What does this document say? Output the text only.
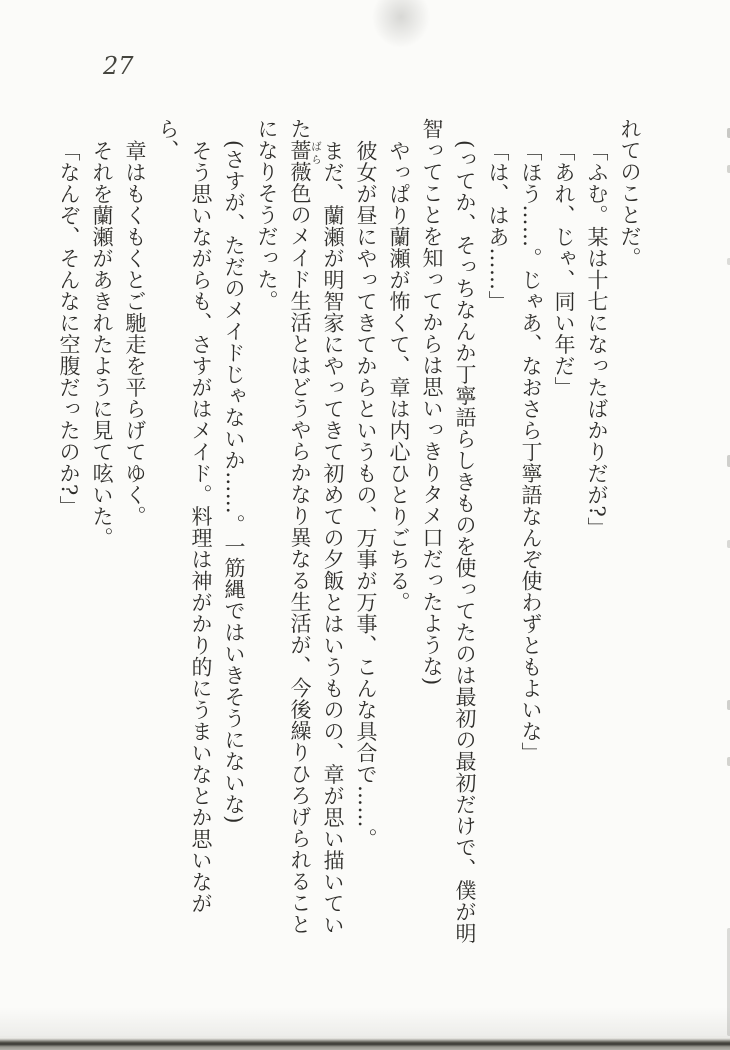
27
れてのことだ。
「ふむ。某は十七になったばかりだが?」
「あれ、じゃ、同い年だ」
「ほう……。じゃあ、なおさら丁寧語なんぞ使わずともよいな」
「は、はあ……」
(ってか、そっちなんか丁寧語らしきものを使ってたのは最初の最初だけで、僕が明
智ってことを知ってからは思いっきりタメ口だったような)
やっぱり蘭瀬が怖くて、章は内心ひとりごちる。
彼女が昼にやってきてからというもの、万事が万事、こんな具合で……。
まだ、蘭瀬が明智家にやってきて初めての夕飯とはいうものの、章が思い描いてい
た薔薇色のメイド生活とはどうやらかなり異なる生活が、今後繰りひろげられること
になりそうだった。
(さすが、ただのメイドじゃないか……。一筋縄ではいきそうにないな)
そう思いながらも、さすがはメイド。料理は神がかり的にうまいなとか思いながら、
章はもくもくとご馳走を平らげてゆく。
それを蘭瀬があきれたように見て呟いた。
「なんぞ、そんなに空腹だったのか?」	ばら
